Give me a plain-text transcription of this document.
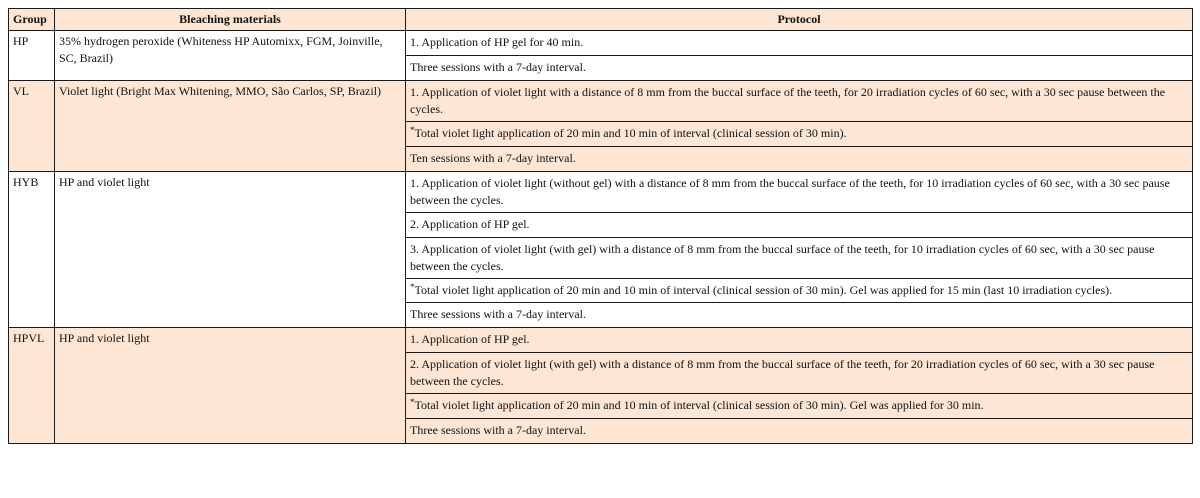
Group	Bleaching materials	Protocol
HP	35% hydrogen peroxide (Whiteness HP Automixx, FGM, Joinville, SC, Brazil)	1. Application of HP gel for 40 min.
		Three sessions with a 7-day interval.
VL	Violet light (Bright Max Whitening, MMO, São Carlos, SP, Brazil)	1. Application of violet light with a distance of 8 mm from the buccal surface of the teeth, for 20 irradiation cycles of 60 sec, with a 30 sec pause between the cycles.
		*Total violet light application of 20 min and 10 min of interval (clinical session of 30 min).
		Ten sessions with a 7-day interval.
HYB	HP and violet light	1. Application of violet light (without gel) with a distance of 8 mm from the buccal surface of the teeth, for 10 irradiation cycles of 60 sec, with a 30 sec pause between the cycles.
		2. Application of HP gel.
		3. Application of violet light (with gel) with a distance of 8 mm from the buccal surface of the teeth, for 10 irradiation cycles of 60 sec, with a 30 sec pause between the cycles.
		*Total violet light application of 20 min and 10 min of interval (clinical session of 30 min). Gel was applied for 15 min (last 10 irradiation cycles).
		Three sessions with a 7-day interval.
HPVL	HP and violet light	1. Application of HP gel.
		2. Application of violet light (with gel) with a distance of 8 mm from the buccal surface of the teeth, for 20 irradiation cycles of 60 sec, with a 30 sec pause between the cycles.
		*Total violet light application of 20 min and 10 min of interval (clinical session of 30 min). Gel was applied for 30 min.
		Three sessions with a 7-day interval.
